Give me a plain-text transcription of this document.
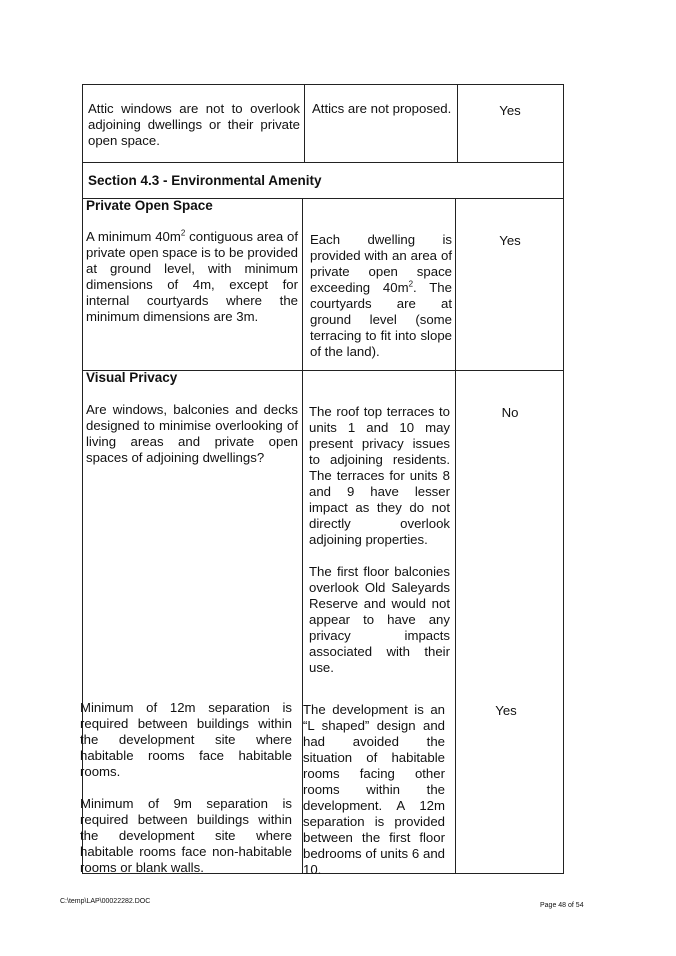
Attic windows are not to overlook adjoining dwellings or their private open space.
Attics are not proposed.	Yes
Section 4.3 - Environmental Amenity
Private Open Space
A minimum $40m^2$ contiguous area of private open space is to be provided at ground level, with minimum dimensions of 4m, except for internal courtyards where the minimum dimensions are 3m.
Each dwelling is provided with an area of private open space exceeding $40m^2$. The courtyards are at ground level (some terracing to fit into slope of the land).
Yes
Visual Privacy
Are windows, balconies and decks designed to minimise overlooking of living areas and private open spaces of adjoining dwellings?

The roof top terraces to units 1 and 10 may present privacy issues to adjoining residents. The terraces for units 8 and 9 have lesser impact as they do not directly overlook adjoining properties.

The first floor balconies overlook Old Saleyards Reserve and would not appear to have any privacy impacts associated with their use.

No

Minimum of 12m separation is required between buildings within the development site where habitable rooms face habitable rooms.

Minimum of 9m separation is required between buildings within the development site where habitable rooms face non-habitable rooms or blank walls.

The development is an “L shaped” design and had avoided the situation of habitable rooms facing other rooms within the development. A 12m separation is provided between the first floor bedrooms of units 6 and 10.
Yes
C:\temp\LAP\00022282.DOC
Page 48 of 54
